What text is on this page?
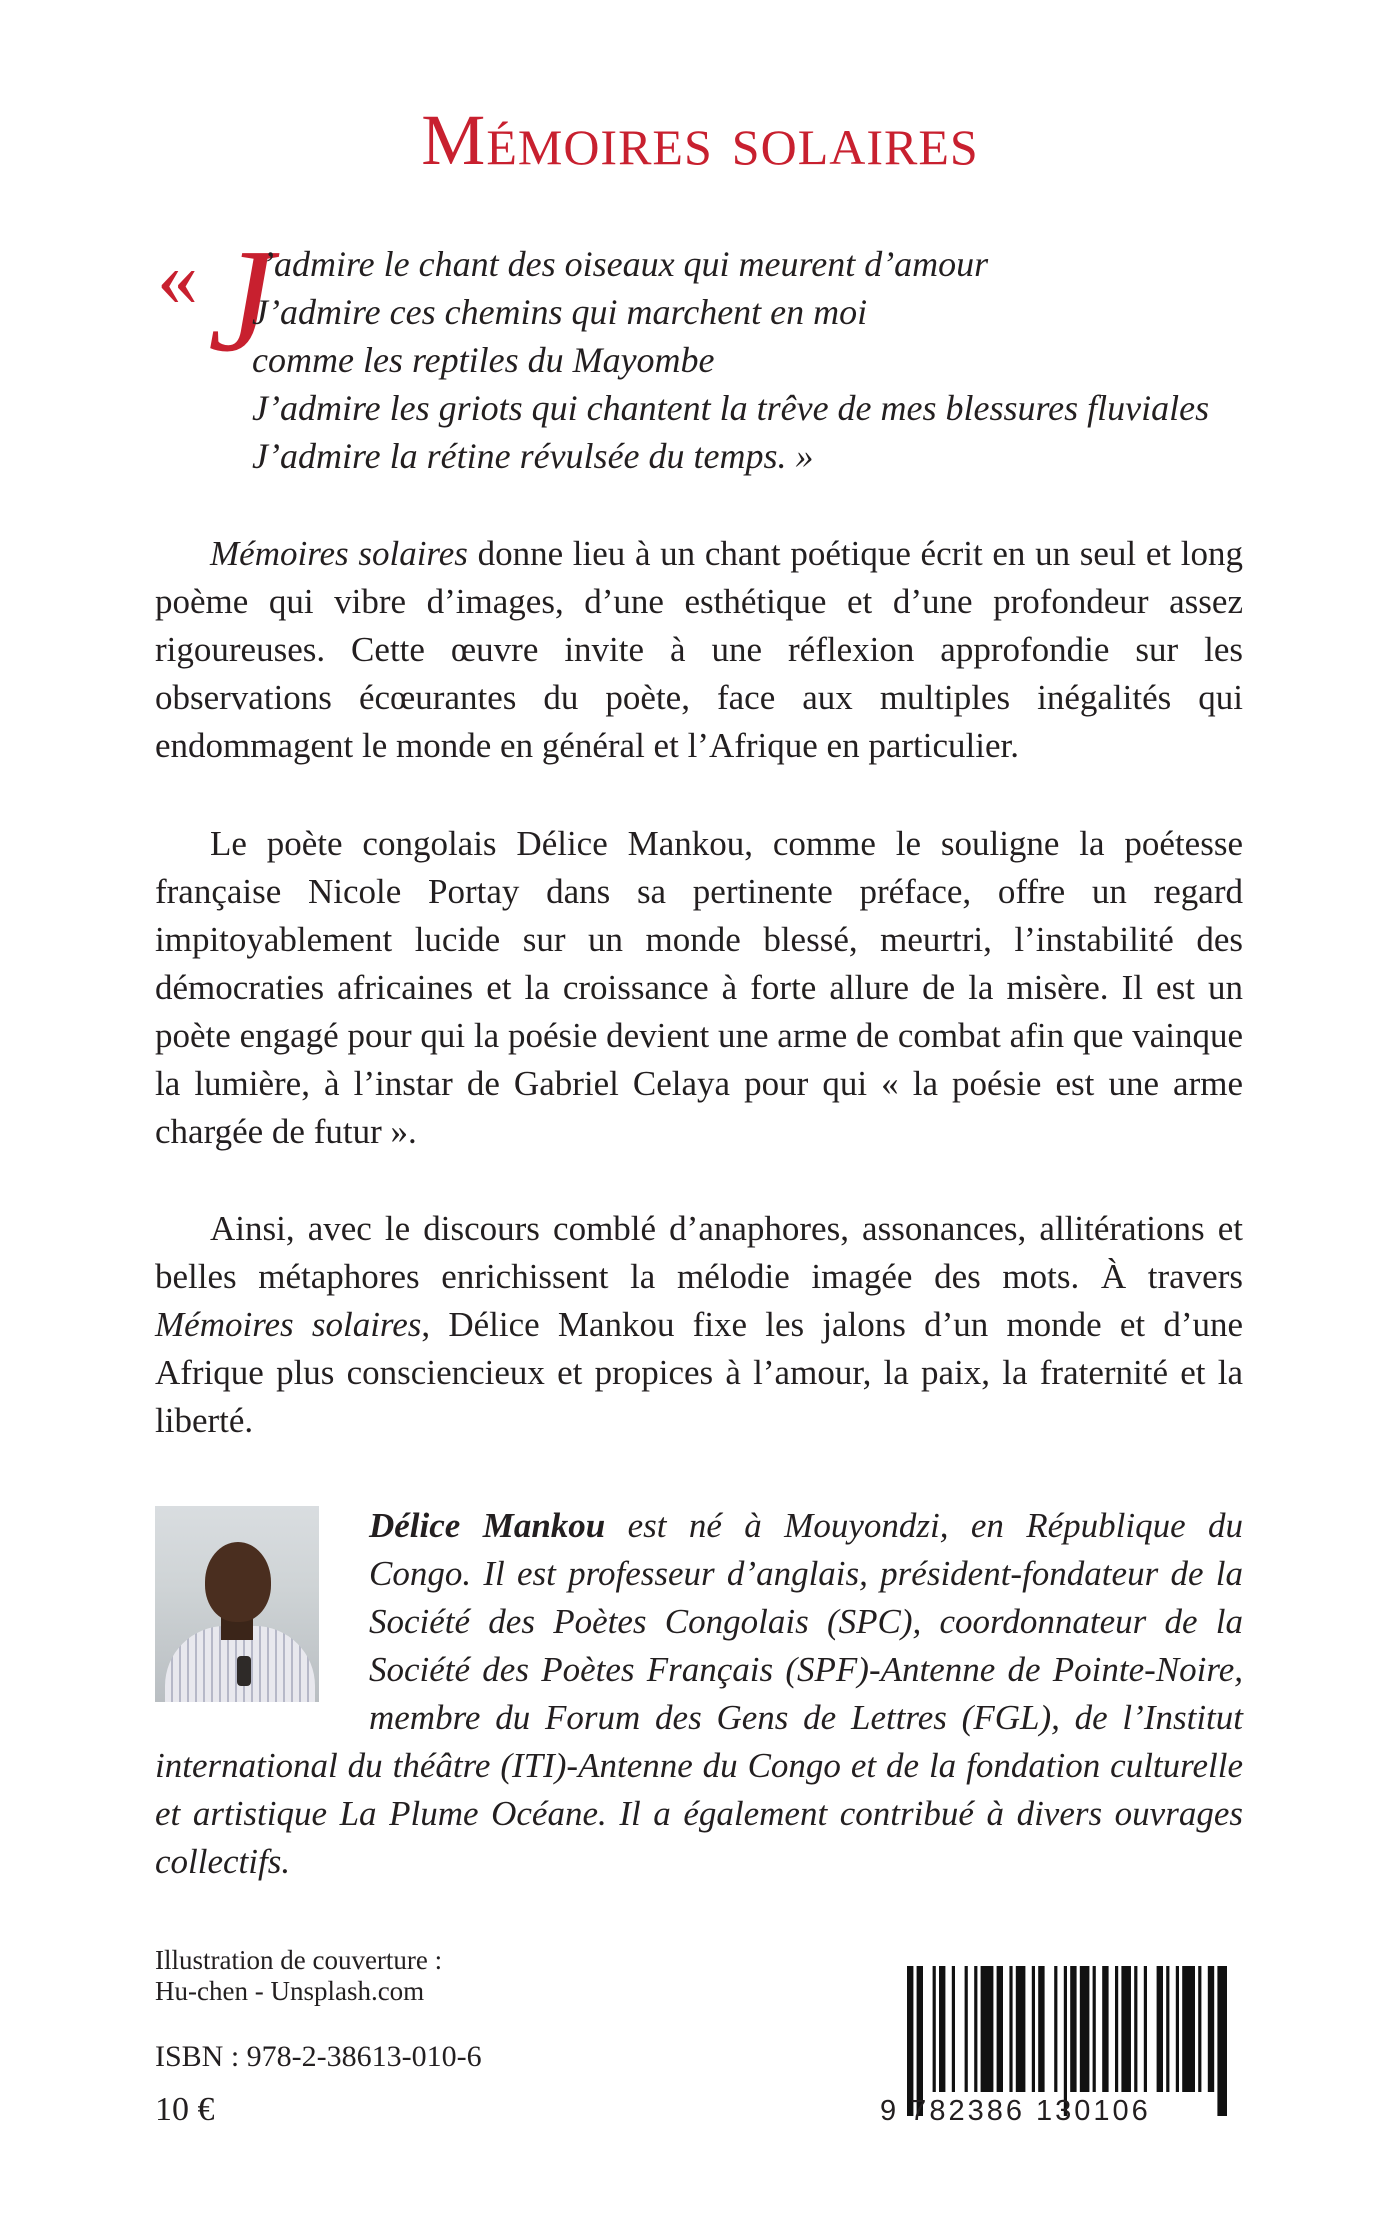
Mémoires solaires
« J
’admire le chant des oiseaux qui meurent d’amour
J’admire ces chemins qui marchent en moi
comme les reptiles du Mayombe
J’admire les griots qui chantent la trêve de mes blessures fluviales
J’admire la rétine révulsée du temps. »

Mémoires solaires donne lieu à un chant poétique écrit en un seul et long poème qui vibre d’images, d’une esthétique et d’une profondeur assez rigoureuses. Cette œuvre invite à une réflexion approfondie sur les observations écœurantes du poète, face aux multiples inégalités qui endommagent le monde en général et l’Afrique en particulier.

Le poète congolais Délice Mankou, comme le souligne la poétesse française Nicole Portay dans sa pertinente préface, offre un regard impitoyablement lucide sur un monde blessé, meurtri, l’instabilité des démocraties africaines et la croissance à forte allure de la misère. Il est un poète engagé pour qui la poésie devient une arme de combat afin que vainque la lumière, à l’instar de Gabriel Celaya pour qui « la poésie est une arme chargée de futur ».

Ainsi, avec le discours comblé d’anaphores, assonances, allitérations et belles métaphores enrichissent la mélodie imagée des mots. À travers Mémoires solaires, Délice Mankou fixe les jalons d’un monde et d’une Afrique plus consciencieux et propices à l’amour, la paix, la fraternité et la liberté.

Délice Mankou est né à Mouyondzi, en République du Congo. Il est professeur d’anglais, président-fondateur de la Société des Poètes Congolais (SPC), coordonnateur de la Société des Poètes Français (SPF)-Antenne de Pointe-Noire, membre du Forum des Gens de Lettres (FGL), de l’Institut international du théâtre (ITI)-Antenne du Congo et de la fondation culturelle et artistique La Plume Océane. Il a également contribué à divers ouvrages collectifs.
Illustration de couverture :
Hu-chen - Unsplash.com
ISBN : 978-2-38613-010-6
10 €	9 782386 130106
